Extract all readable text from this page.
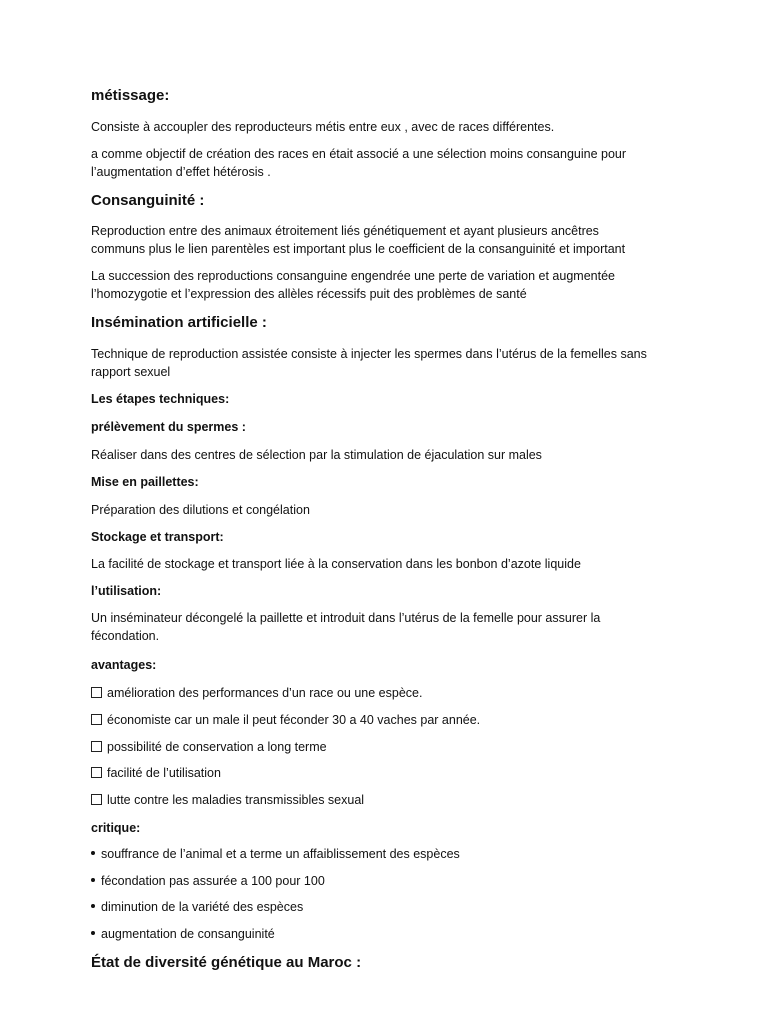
métissage:

Consiste à accoupler des reproducteurs métis entre eux , avec de races différentes.

a comme objectif de création des races en était associé a une sélection moins consanguine pour

l’augmentation d’effet hétérosis .

Consanguinité :

Reproduction entre des animaux étroitement liés génétiquement et ayant plusieurs ancêtres

communs plus le lien parentèles est important plus le coefficient de la consanguinité et important

La succession des reproductions consanguine engendrée une perte de variation et augmentée

l’homozygotie et l’expression des allèles récessifs puit des problèmes de santé

Insémination artificielle :

Technique de reproduction assistée consiste à injecter les spermes dans l’utérus de la femelles sans

rapport sexuel

Les étapes techniques:

prélèvement du spermes :

Réaliser dans des centres de sélection par la stimulation de éjaculation sur males

Mise en paillettes:

Préparation des dilutions et congélation

Stockage et transport:

La facilité de stockage et transport liée à la conservation dans les bonbon d’azote liquide

l’utilisation:

Un inséminateur décongelé la paillette et introduit dans l’utérus de la femelle pour assurer la

fécondation.

avantages:

amélioration des performances d’un race ou une espèce.

économiste car un male il peut féconder 30 a 40 vaches par année.

possibilité de conservation a long terme

facilité de l’utilisation

lutte contre les maladies transmissibles sexual

critique:

souffrance de l’animal et a terme un affaiblissement des espèces

fécondation pas assurée a 100 pour 100

diminution de la variété des espèces

augmentation de consanguinité

État de diversité génétique au Maroc :
